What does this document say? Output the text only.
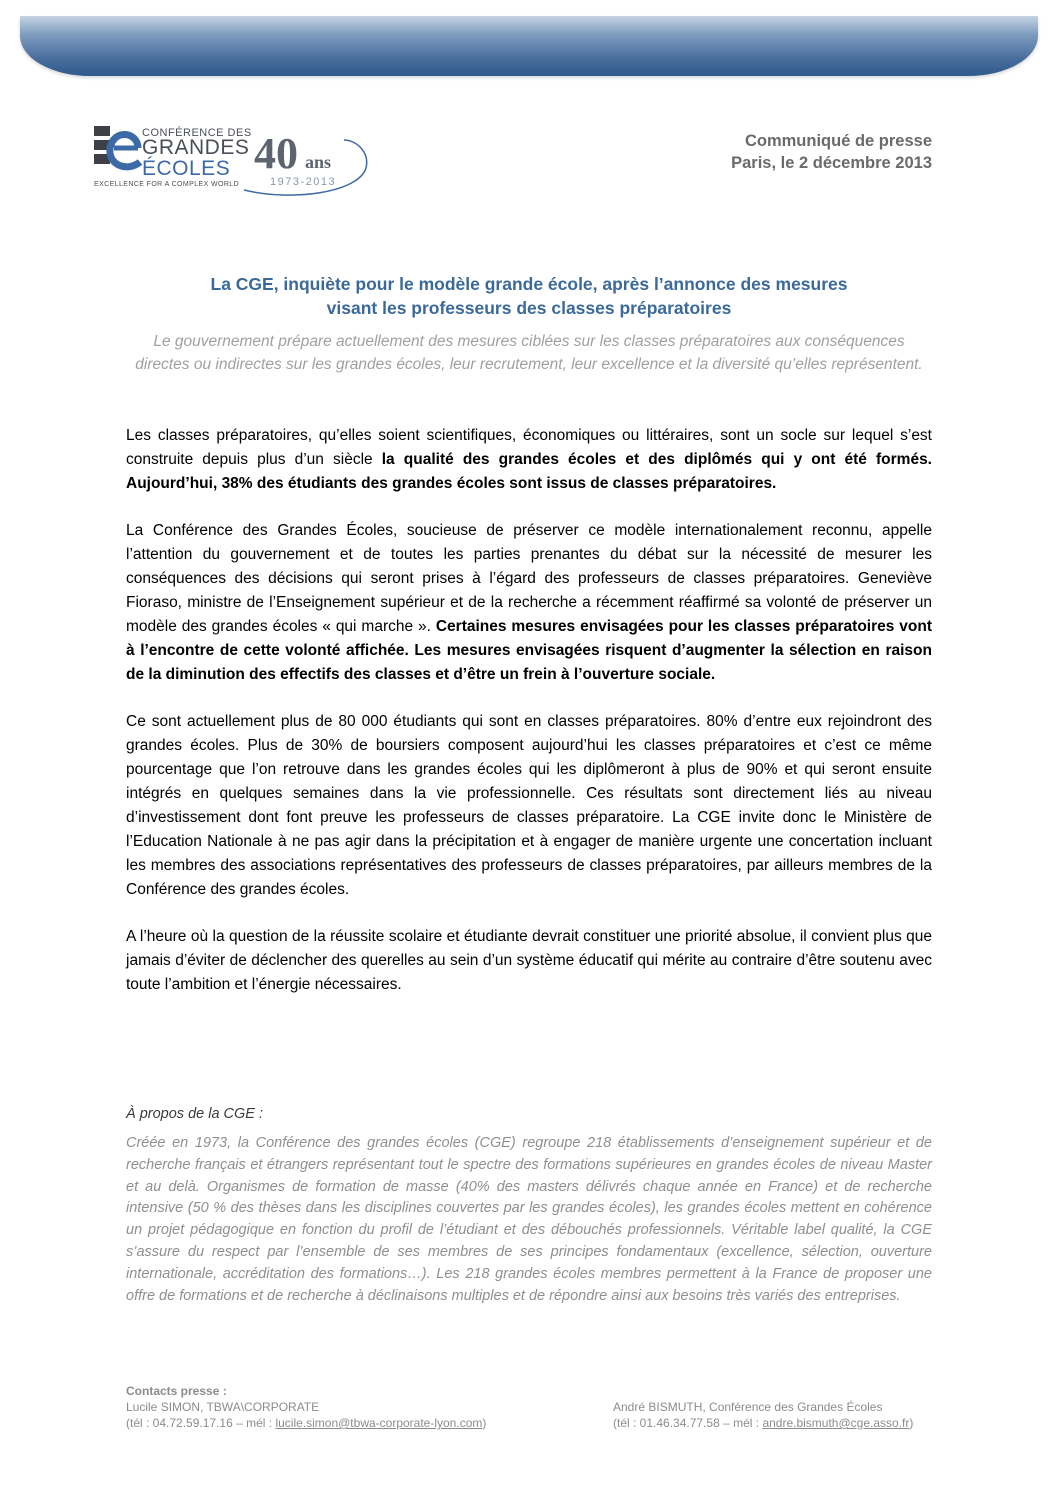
CONFÉRENCE DES
GRANDES
ÉCOLES
EXCELLENCE FOR A COMPLEX WORLD
40 ans
1973-2013
Communiqué de presse
Paris, le 2 décembre 2013
La CGE, inquiète pour le modèle grande école, après l’annonce des mesures
visant les professeurs des classes préparatoires
Le gouvernement prépare actuellement des mesures ciblées sur les classes préparatoires aux conséquences directes ou indirectes sur les grandes écoles, leur recrutement, leur excellence et la diversité qu’elles représentent.

Les classes préparatoires, qu’elles soient scientifiques, économiques ou littéraires, sont un socle sur lequel s’est construite depuis plus d’un siècle la qualité des grandes écoles et des diplômés qui y ont été formés. Aujourd’hui, 38% des étudiants des grandes écoles sont issus de classes préparatoires.

La Conférence des Grandes Écoles, soucieuse de préserver ce modèle internationalement reconnu, appelle l’attention du gouvernement et de toutes les parties prenantes du débat sur la nécessité de mesurer les conséquences des décisions qui seront prises à l’égard des professeurs de classes préparatoires. Geneviève Fioraso, ministre de l’Enseignement supérieur et de la recherche a récemment réaffirmé sa volonté de préserver un modèle des grandes écoles « qui marche ». Certaines mesures envisagées pour les classes préparatoires vont à l’encontre de cette volonté affichée. Les mesures envisagées risquent d’augmenter la sélection en raison de la diminution des effectifs des classes et d’être un frein à l’ouverture sociale.

Ce sont actuellement plus de 80 000 étudiants qui sont en classes préparatoires. 80% d’entre eux rejoindront des grandes écoles. Plus de 30% de boursiers composent aujourd’hui les classes préparatoires et c’est ce même pourcentage que l’on retrouve dans les grandes écoles qui les diplômeront à plus de 90% et qui seront ensuite intégrés en quelques semaines dans la vie professionnelle. Ces résultats sont directement liés au niveau d’investissement dont font preuve les professeurs de classes préparatoire. La CGE invite donc le Ministère de l’Education Nationale à ne pas agir dans la précipitation et à engager de manière urgente une concertation incluant les membres des associations représentatives des professeurs de classes préparatoires, par ailleurs membres de la Conférence des grandes écoles.

A l’heure où la question de la réussite scolaire et étudiante devrait constituer une priorité absolue, il convient plus que jamais d’éviter de déclencher des querelles au sein d’un système éducatif qui mérite au contraire d’être soutenu avec toute l’ambition et l’énergie nécessaires.

À propos de la CGE :
Créée en 1973, la Conférence des grandes écoles (CGE) regroupe 218 établissements d’enseignement supérieur et de recherche français et étrangers représentant tout le spectre des formations supérieures en grandes écoles de niveau Master et au delà. Organismes de formation de masse (40% des masters délivrés chaque année en France) et de recherche intensive (50 % des thèses dans les disciplines couvertes par les grandes écoles), les grandes écoles mettent en cohérence un projet pédagogique en fonction du profil de l’étudiant et des débouchés professionnels. Véritable label qualité, la CGE s’assure du respect par l’ensemble de ses membres de ses principes fondamentaux (excellence, sélection, ouverture internationale, accréditation des formations…). Les 218 grandes écoles membres permettent à la France de proposer une offre de formations et de recherche à déclinaisons multiples et de répondre ainsi aux besoins très variés des entreprises.
Contacts presse :
Lucile SIMON, TBWA\CORPORATE
(tél : 04.72.59.17.16 – mél : lucile.simon@tbwa-corporate-lyon.com)
André BISMUTH, Conférence des Grandes Écoles
(tél : 01.46.34.77.58 – mél : andre.bismuth@cge.asso.fr)
